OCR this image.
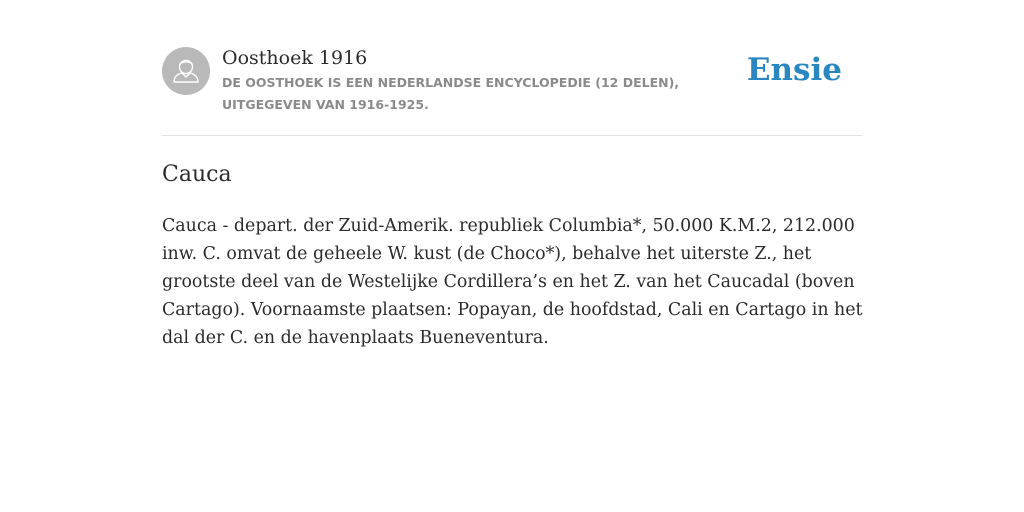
Oosthoek 1916
DE OOSTHOEK IS EEN NEDERLANDSE ENCYCLOPEDIE (12 DELEN), UITGEGEVEN VAN 1916-1925.
Ensie
Cauca

Cauca - depart. der Zuid-Amerik. republiek Columbia*, 50.000 K.M.2, 212.000 inw. C. omvat de geheele W. kust (de Choco*), behalve het uiterste Z., het grootste deel van de Westelijke Cordillera’s en het Z. van het Caucadal (boven Cartago). Voornaamste plaatsen: Popayan, de hoofdstad, Cali en Cartago in het dal der C. en de havenplaats Bueneventura.
